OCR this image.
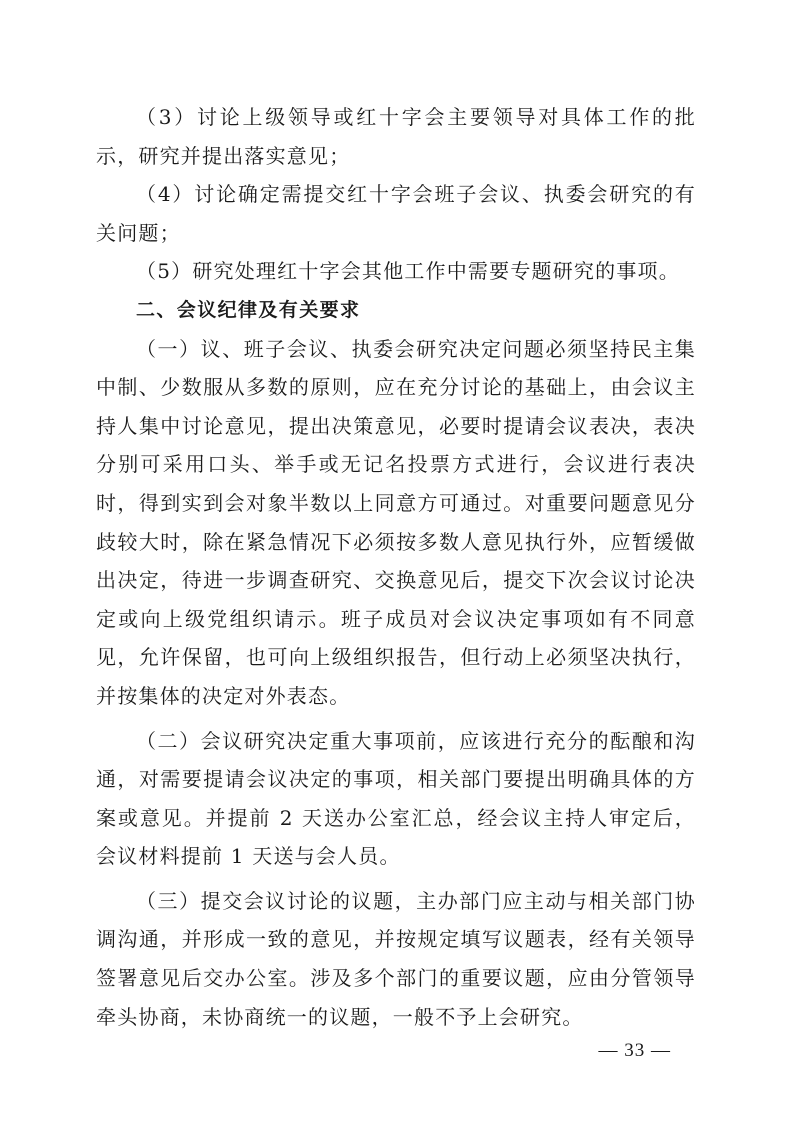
（3）讨论上级领导或红十字会主要领导对具体工作的批示，研究并提出落实意见；

（4）讨论确定需提交红十字会班子会议、执委会研究的有关问题；

（5）研究处理红十字会其他工作中需要专题研究的事项。

二、会议纪律及有关要求

（一）议、班子会议、执委会研究决定问题必须坚持民主集中制、少数服从多数的原则，应在充分讨论的基础上，由会议主持人集中讨论意见，提出决策意见，必要时提请会议表决，表决分别可采用口头、举手或无记名投票方式进行，会议进行表决时，得到实到会对象半数以上同意方可通过。对重要问题意见分歧较大时，除在紧急情况下必须按多数人意见执行外，应暂缓做出决定，待进一步调查研究、交换意见后，提交下次会议讨论决定或向上级党组织请示。班子成员对会议决定事项如有不同意见，允许保留，也可向上级组织报告，但行动上必须坚决执行，并按集体的决定对外表态。

（二）会议研究决定重大事项前，应该进行充分的酝酿和沟通，对需要提请会议决定的事项，相关部门要提出明确具体的方案或意见。并提前 2 天送办公室汇总，经会议主持人审定后，会议材料提前 1 天送与会人员。

（三）提交会议讨论的议题，主办部门应主动与相关部门协调沟通，并形成一致的意见，并按规定填写议题表，经有关领导签署意见后交办公室。涉及多个部门的重要议题，应由分管领导牵头协商，未协商统一的议题，一般不予上会研究。

— 33 —
